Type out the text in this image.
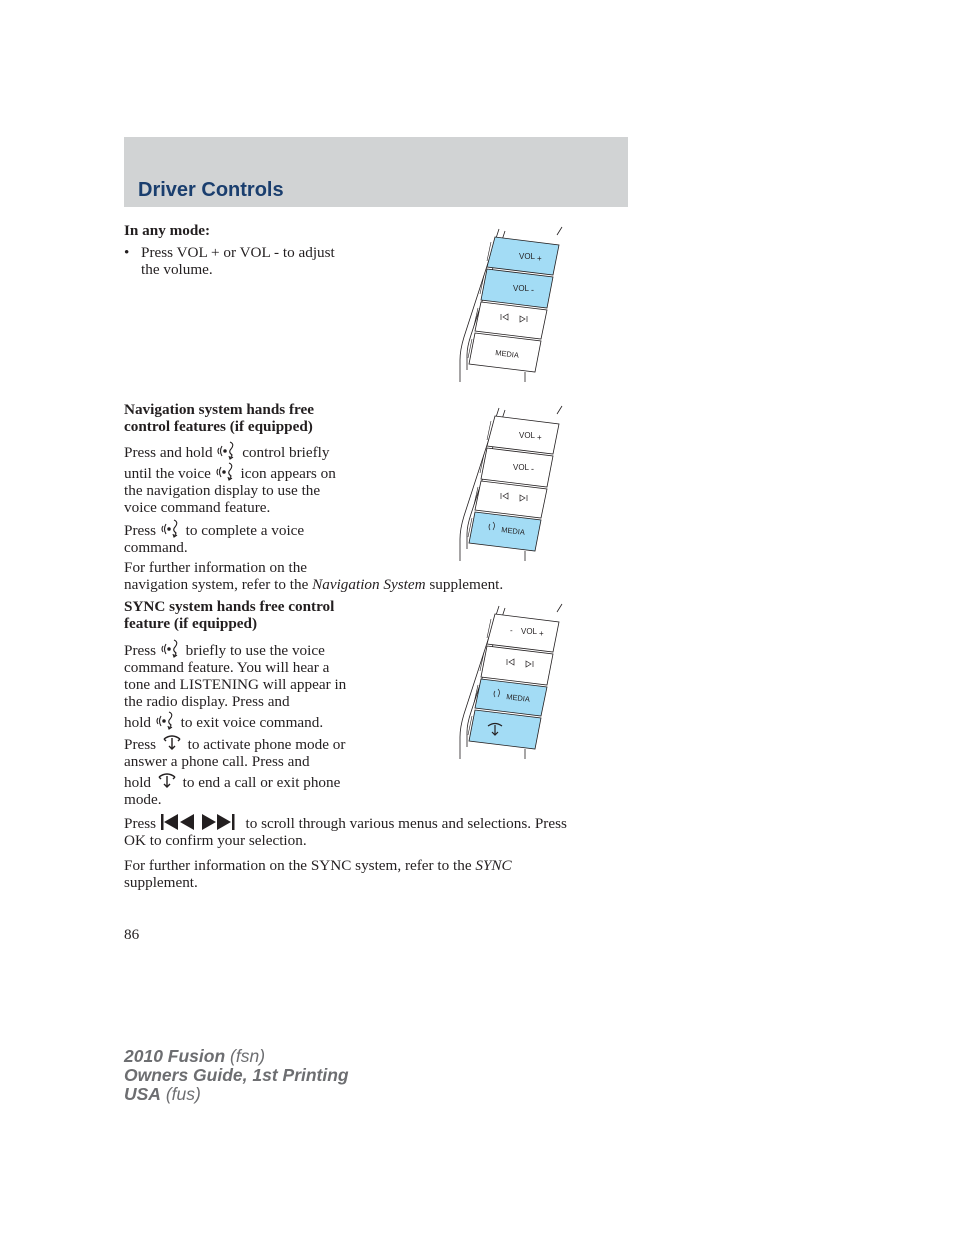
Driver Controls

In any mode:

• Press VOL + or VOL - to adjust
the volume.
VOL +
VOL -
MEDIA

Navigation system hands free
control features (if equipped)

Press and hold control briefly
until the voice icon appears on
the navigation display to use the
voice command feature.
Press to complete a voice
command.
For further information on the
navigation system, refer to the Navigation System supplement.
VOL +
VOL -
MEDIA

SYNC system hands free control
feature (if equipped)

Press briefly to use the voice
command feature. You will hear a
tone and LISTENING will appear in
the radio display. Press and
hold to exit voice command.
Press to activate phone mode or
answer a phone call. Press and
hold to end a call or exit phone
mode.
Press	to scroll through various menus and selections. Press
OK to confirm your selection.
For further information on the SYNC system, refer to the SYNC
supplement.
- VOL +
MEDIA

86

2010 Fusion (fsn)
Owners Guide, 1st Printing
USA (fus)
